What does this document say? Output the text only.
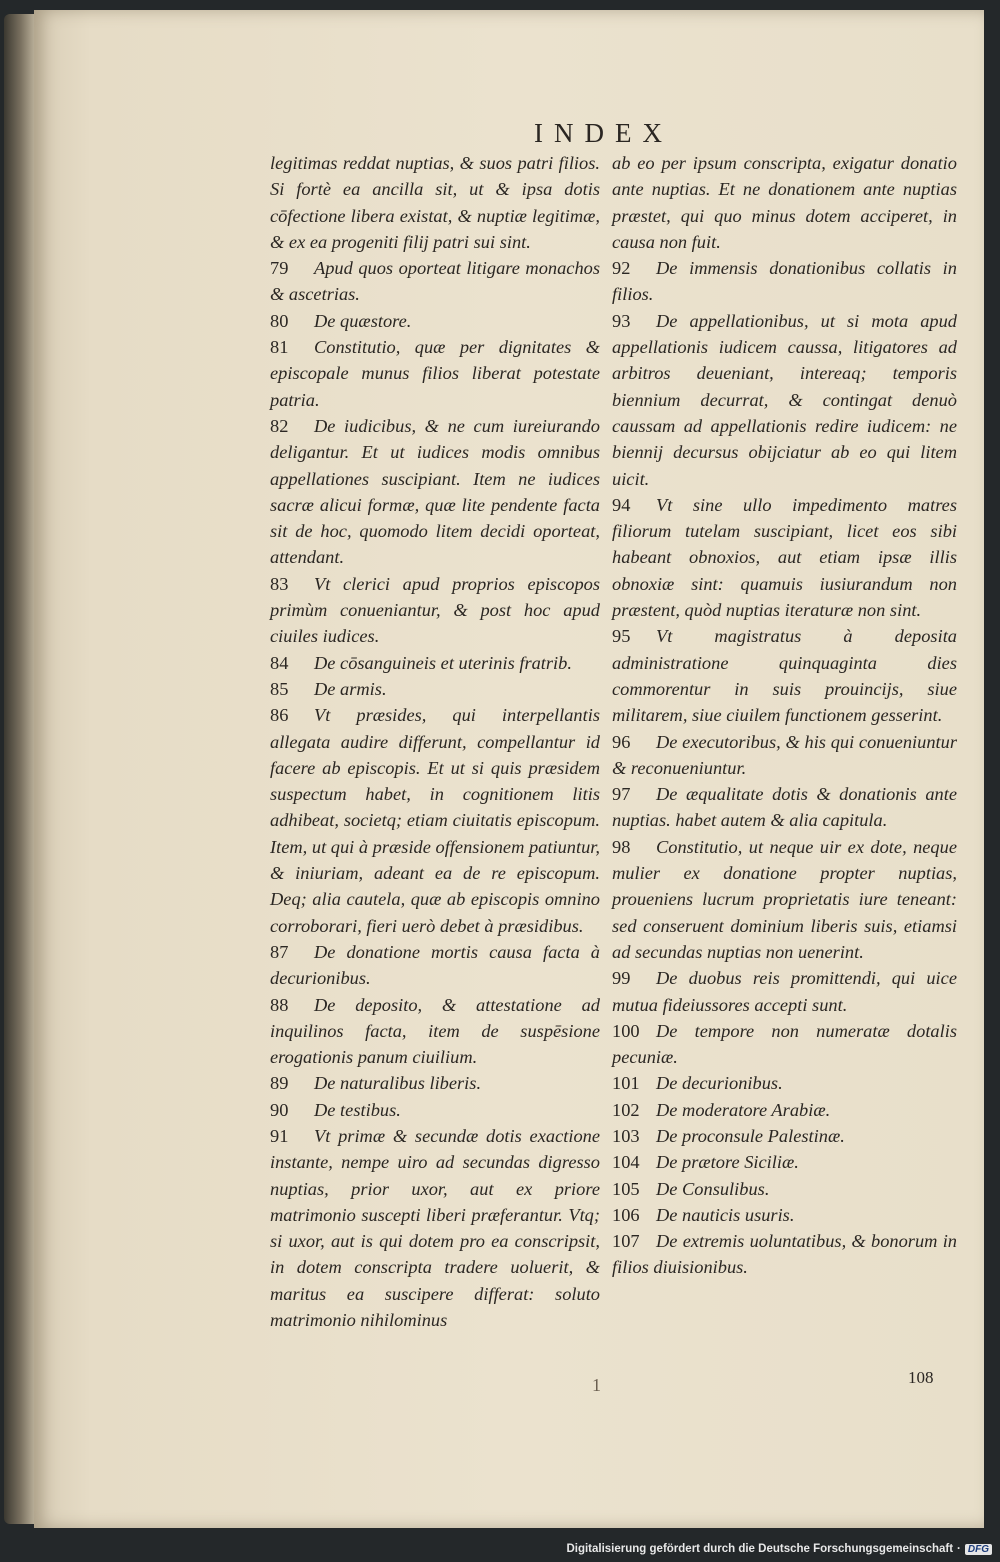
INDEX

legitimas reddat nuptias, & suos patri filios. Si fortè ea ancilla sit, ut & ipsa dotis cōfectione libera existat, & nuptiæ legitimæ, & ex ea progeniti filij patri sui sint.

79 Apud quos oporteat litigare monachos & ascetrias.

80 De quæstore.

81 Constitutio, quæ per dignitates & episcopale munus filios liberat potestate patria.

82 De iudicibus, & ne cum iureiurando deligantur. Et ut iudices modis omnibus appellationes suscipiant. Item ne iudices sacræ alicui formæ, quæ lite pendente facta sit de hoc, quomodo litem decidi oporteat, attendant.

83 Vt clerici apud proprios episcopos primùm conueniantur, & post hoc apud ciuiles iudices.

84 De cōsanguineis et uterinis fratrib.

85 De armis.

86 Vt præsides, qui interpellantis allegata audire differunt, compellantur id facere ab episcopis. Et ut si quis præsidem suspectum habet, in cognitionem litis adhibeat, societq; etiam ciuitatis episcopum. Item, ut qui à præside offensionem patiuntur, & iniuriam, adeant ea de re episcopum. Deq; alia cautela, quæ ab episcopis omnino corroborari, fieri uerò debet à præsidibus.

87 De donatione mortis causa facta à decurionibus.

88 De deposito, & attestatione ad inquilinos facta, item de suspēsione erogationis panum ciuilium.

89 De naturalibus liberis.

90 De testibus.

91 Vt primæ & secundæ dotis exactione instante, nempe uiro ad secundas digresso nuptias, prior uxor, aut ex priore matrimonio suscepti liberi præferantur. Vtq; si uxor, aut is qui dotem pro ea conscripsit, in dotem conscripta tradere uoluerit, & maritus ea suscipere differat: soluto matrimonio nihilominus

ab eo per ipsum conscripta, exigatur donatio ante nuptias. Et ne donationem ante nuptias præstet, qui quo minus dotem acciperet, in causa non fuit.

92 De immensis donationibus collatis in filios.

93 De appellationibus, ut si mota apud appellationis iudicem caussa, litigatores ad arbitros deueniant, intereaq; temporis biennium decurrat, & contingat denuò caussam ad appellationis redire iudicem: ne biennij decursus obijciatur ab eo qui litem uicit.

94 Vt sine ullo impedimento matres filiorum tutelam suscipiant, licet eos sibi habeant obnoxios, aut etiam ipsæ illis obnoxiæ sint: quamuis iusiurandum non præstent, quòd nuptias iteraturæ non sint.

95 Vt magistratus à deposita administratione quinquaginta dies commorentur in suis prouincijs, siue militarem, siue ciuilem functionem gesserint.

96 De executoribus, & his qui conueniuntur & reconueniuntur.

97 De æqualitate dotis & donationis ante nuptias. habet autem & alia capitula.

98 Constitutio, ut neque uir ex dote, neque mulier ex donatione propter nuptias, proueniens lucrum proprietatis iure teneant: sed conseruent dominium liberis suis, etiamsi ad secundas nuptias non uenerint.

99 De duobus reis promittendi, qui uice mutua fideiussores accepti sunt.

100 De tempore non numeratæ dotalis pecuniæ.

101 De decurionibus.

102 De moderatore Arabiæ.

103 De proconsule Palestinæ.

104 De prætore Siciliæ.

105 De Consulibus.

106 De nauticis usuris.

107 De extremis uoluntatibus, & bonorum in filios diuisionibus.

1	108
Digitalisierung gefördert durch die Deutsche Forschungsgemeinschaft · DFG
